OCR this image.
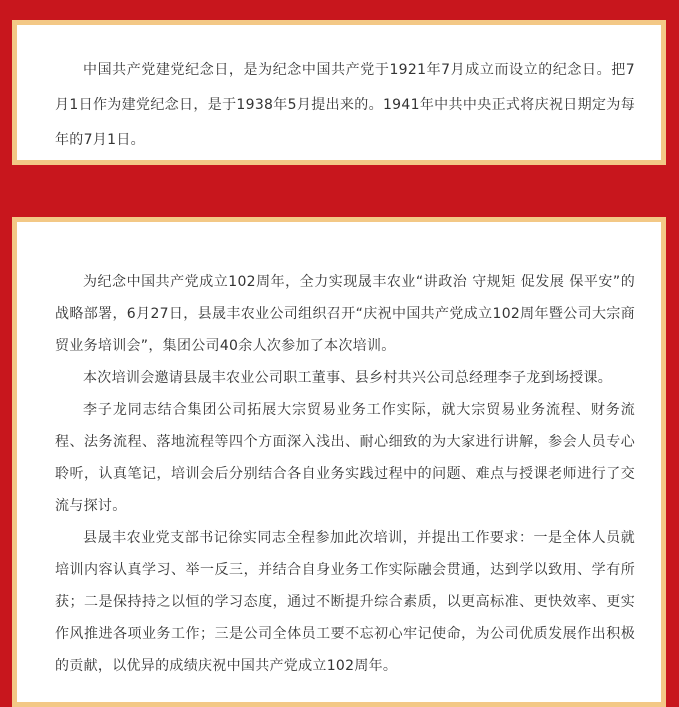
中国共产党建党纪念日，是为纪念中国共产党于1921年7月成立而设立的纪念日。把7月1日作为建党纪念日，是于1938年5月提出来的。1941年中共中央正式将庆祝日期定为每年的7月1日。

为纪念中国共产党成立102周年，全力实现晟丰农业“讲政治 守规矩 促发展 保平安”的战略部署，6月27日，县晟丰农业公司组织召开“庆祝中国共产党成立102周年暨公司大宗商贸业务培训会”，集团公司40余人次参加了本次培训。

本次培训会邀请县晟丰农业公司职工董事、县乡村共兴公司总经理李子龙到场授课。

李子龙同志结合集团公司拓展大宗贸易业务工作实际，就大宗贸易业务流程、财务流程、法务流程、落地流程等四个方面深入浅出、耐心细致的为大家进行讲解，参会人员专心聆听，认真笔记，培训会后分别结合各自业务实践过程中的问题、难点与授课老师进行了交流与探讨。

县晟丰农业党支部书记徐实同志全程参加此次培训，并提出工作要求：一是全体人员就培训内容认真学习、举一反三，并结合自身业务工作实际融会贯通，达到学以致用、学有所获；二是保持持之以恒的学习态度，通过不断提升综合素质，以更高标准、更快效率、更实作风推进各项业务工作；三是公司全体员工要不忘初心牢记使命，为公司优质发展作出积极的贡献，以优异的成绩庆祝中国共产党成立102周年。
